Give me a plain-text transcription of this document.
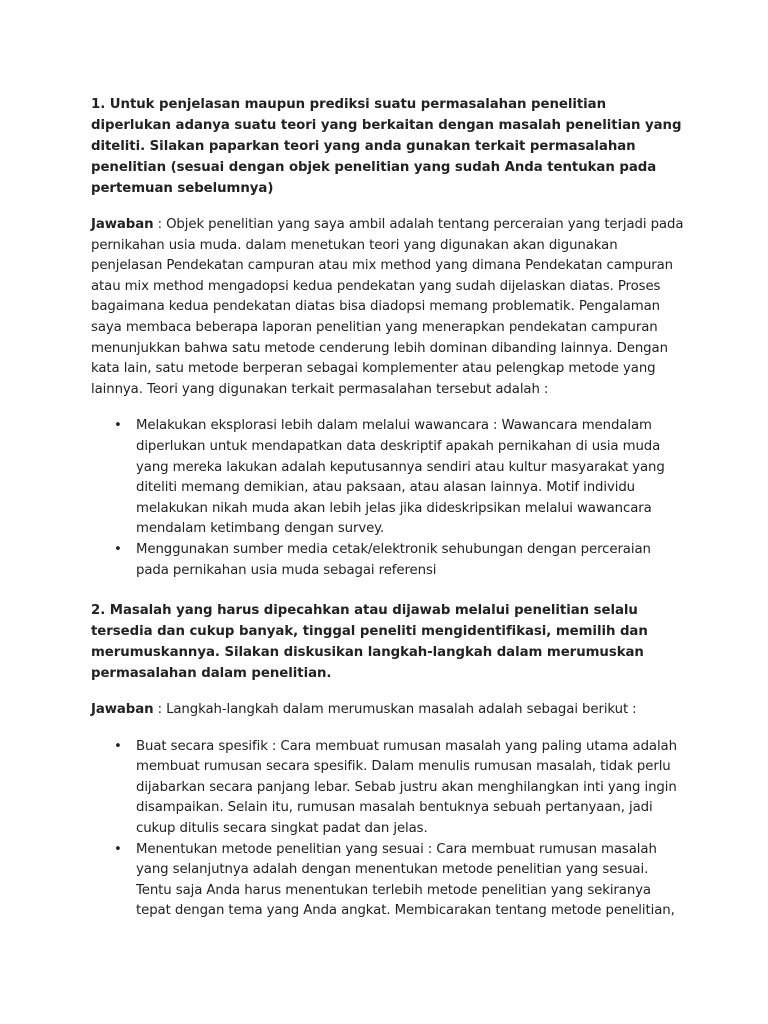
1. Untuk penjelasan maupun prediksi suatu permasalahan penelitian diperlukan adanya suatu teori yang berkaitan dengan masalah penelitian yang diteliti. Silakan paparkan teori yang anda gunakan terkait permasalahan penelitian (sesuai dengan objek penelitian yang sudah Anda tentukan pada pertemuan sebelumnya)

Jawaban : Objek penelitian yang saya ambil adalah tentang perceraian yang terjadi pada pernikahan usia muda. dalam menetukan teori yang digunakan akan digunakan penjelasan Pendekatan campuran atau mix method yang dimana Pendekatan campuran atau mix method mengadopsi kedua pendekatan yang sudah dijelaskan diatas. Proses bagaimana kedua pendekatan diatas bisa diadopsi memang problematik. Pengalaman saya membaca beberapa laporan penelitian yang menerapkan pendekatan campuran menunjukkan bahwa satu metode cenderung lebih dominan dibanding lainnya. Dengan kata lain, satu metode berperan sebagai komplementer atau pelengkap metode yang lainnya. Teori yang digunakan terkait permasalahan tersebut adalah :

• Melakukan eksplorasi lebih dalam melalui wawancara : Wawancara mendalam diperlukan untuk mendapatkan data deskriptif apakah pernikahan di usia muda yang mereka lakukan adalah keputusannya sendiri atau kultur masyarakat yang diteliti memang demikian, atau paksaan, atau alasan lainnya. Motif individu melakukan nikah muda akan lebih jelas jika dideskripsikan melalui wawancara mendalam ketimbang dengan survey.
• Menggunakan sumber media cetak/elektronik sehubungan dengan perceraian pada pernikahan usia muda sebagai referensi

2. Masalah yang harus dipecahkan atau dijawab melalui penelitian selalu tersedia dan cukup banyak, tinggal peneliti mengidentifikasi, memilih dan merumuskannya. Silakan diskusikan langkah-langkah dalam merumuskan permasalahan dalam penelitian.

Jawaban : Langkah-langkah dalam merumuskan masalah adalah sebagai berikut :

• Buat secara spesifik : Cara membuat rumusan masalah yang paling utama adalah membuat rumusan secara spesifik. Dalam menulis rumusan masalah, tidak perlu dijabarkan secara panjang lebar. Sebab justru akan menghilangkan inti yang ingin disampaikan. Selain itu, rumusan masalah bentuknya sebuah pertanyaan, jadi cukup ditulis secara singkat padat dan jelas.
• Menentukan metode penelitian yang sesuai : Cara membuat rumusan masalah yang selanjutnya adalah dengan menentukan metode penelitian yang sesuai. Tentu saja Anda harus menentukan terlebih metode penelitian yang sekiranya tepat dengan tema yang Anda angkat. Membicarakan tentang metode penelitian,
